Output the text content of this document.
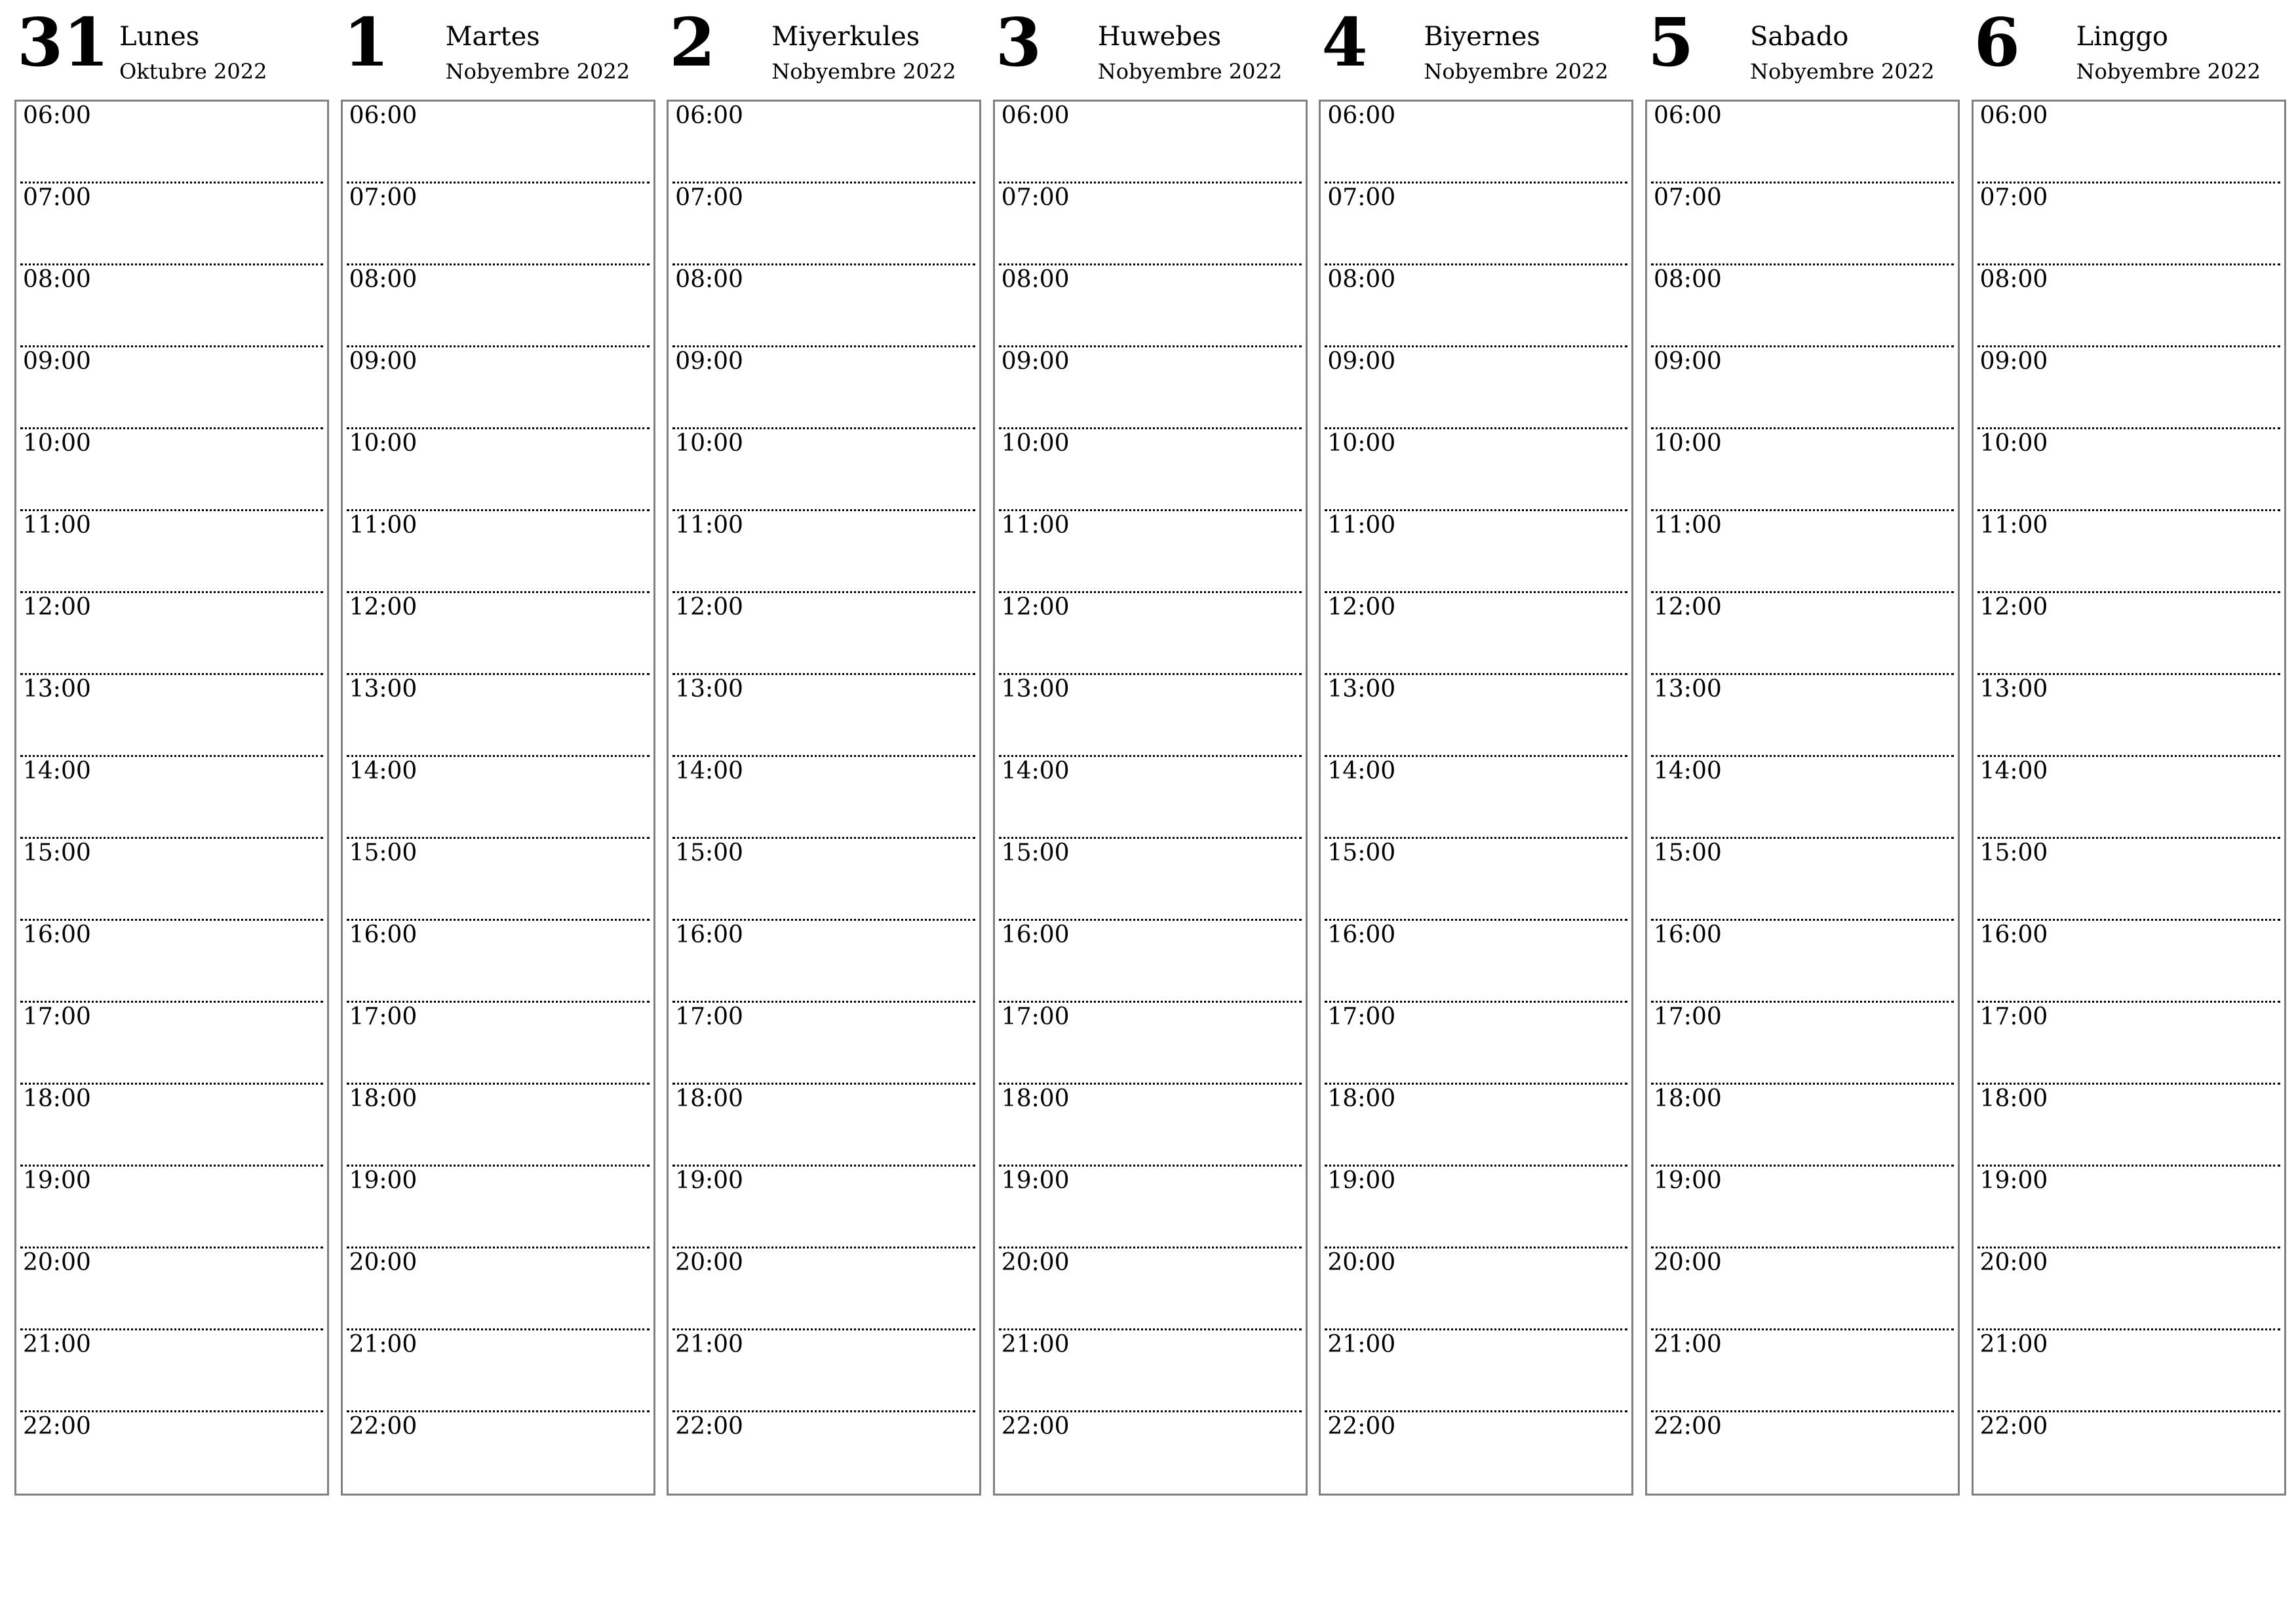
31 Lunes
Oktubre 2022
06:00
07:00
08:00
09:00
10:00
11:00
12:00
13:00
14:00
15:00
16:00
17:00
18:00
19:00
20:00
21:00
22:00
1 Martes
Nobyembre 2022
06:00
07:00
08:00
09:00
10:00
11:00
12:00
13:00
14:00
15:00
16:00
17:00
18:00
19:00
20:00
21:00
22:00
2 Miyerkules
Nobyembre 2022
06:00
07:00
08:00
09:00
10:00
11:00
12:00
13:00
14:00
15:00
16:00
17:00
18:00
19:00
20:00
21:00
22:00
3 Huwebes
Nobyembre 2022
06:00
07:00
08:00
09:00
10:00
11:00
12:00
13:00
14:00
15:00
16:00
17:00
18:00
19:00
20:00
21:00
22:00
4 Biyernes
Nobyembre 2022
06:00
07:00
08:00
09:00
10:00
11:00
12:00
13:00
14:00
15:00
16:00
17:00
18:00
19:00
20:00
21:00
22:00
5 Sabado
Nobyembre 2022
06:00
07:00
08:00
09:00
10:00
11:00
12:00
13:00
14:00
15:00
16:00
17:00
18:00
19:00
20:00
21:00
22:00
6 Linggo
Nobyembre 2022
06:00
07:00
08:00
09:00
10:00
11:00
12:00
13:00
14:00
15:00
16:00
17:00
18:00
19:00
20:00
21:00
22:00
